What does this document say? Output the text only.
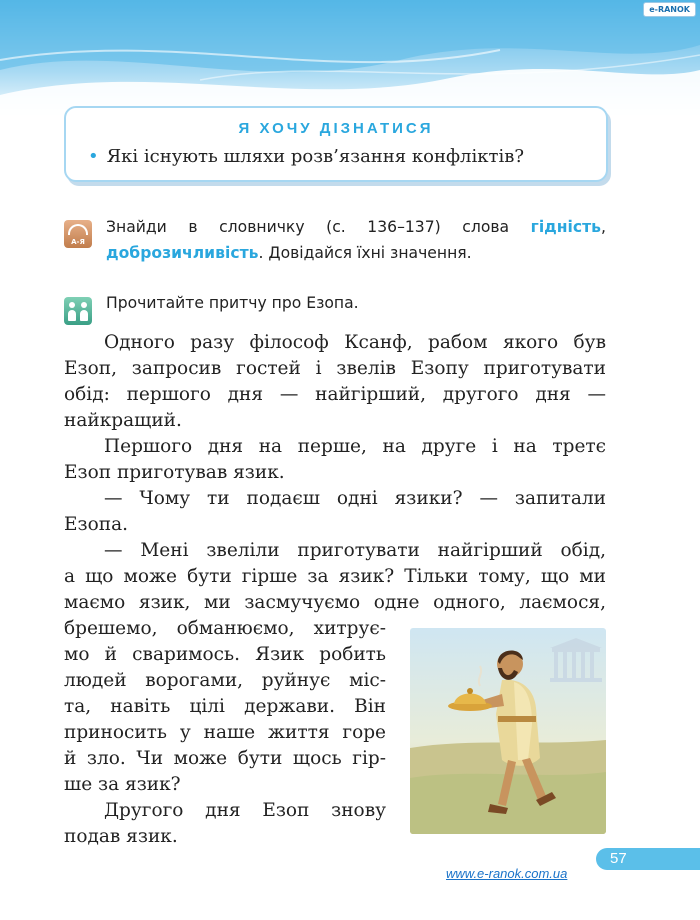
e-RANOK
Я ХОЧУ ДІЗНАТИСЯ
• Які існують шляхи розв’язання конфліктів?
А-Я
Знайди в словничку (с. 136–137) слова гідність, доброзичливість. Довідайся їхні значення.
Прочитайте притчу про Езопа.
Одного разу філософ Ксанф, рабом якого був
Езоп, запросив гостей і звелів Езопу приготувати
обід: першого дня — найгірший, другого дня —
найкращий.
Першого дня на перше, на друге і на третє
Езоп приготував язик.
— Чому ти подаєш одні язики? — запитали
Езопа.
— Мені звеліли приготувати найгірший обід,
а що може бути гірше за язик? Тільки тому, що ми
маємо язик, ми засмучуємо одне одного, лаємося,
брешемо, обманюємо, хитрує-
мо й сваримось. Язик робить
людей ворогами, руйнує міс-
та, навіть цілі держави. Він
приносить у наше життя горе
й зло. Чи може бути щось гір-
ше за язик?
Другого дня Езоп знову
подав язик.
57
www.e-ranok.com.ua
